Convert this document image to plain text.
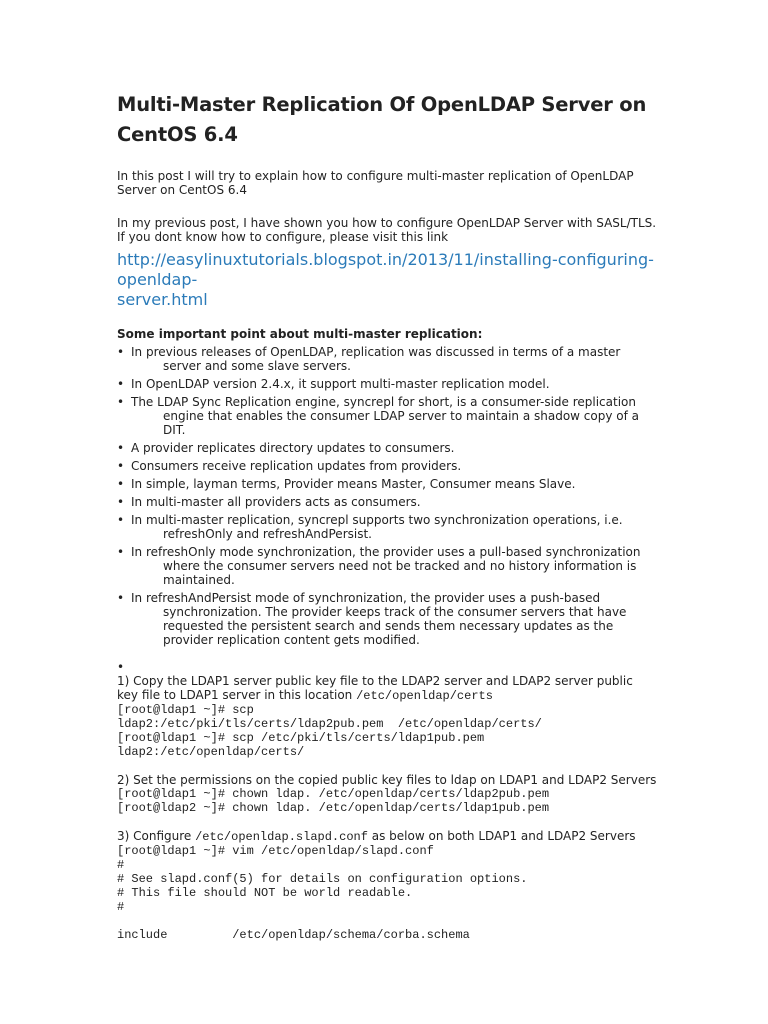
Multi-Master Replication Of OpenLDAP Server on CentOS 6.4

In this post I will try to explain how to configure multi-master replication of OpenLDAP Server on CentOS 6.4

In my previous post, I have shown you how to configure OpenLDAP Server with SASL/TLS. If you dont know how to configure, please visit this link

http://easylinuxtutorials.blogspot.in/2013/11/installing-configuring-openldap-
server.html

Some important point about multi-master replication:

• In previous releases of OpenLDAP, replication was discussed in terms of a master server and some slave servers.
• In OpenLDAP version 2.4.x, it support multi-master replication model.
• The LDAP Sync Replication engine, syncrepl for short, is a consumer-side replication engine that enables the consumer LDAP server to maintain a shadow copy of a DIT.
• A provider replicates directory updates to consumers.
• Consumers receive replication updates from providers.
• In simple, layman terms, Provider means Master, Consumer means Slave.
• In multi-master all providers acts as consumers.
• In multi-master replication, syncrepl supports two synchronization operations, i.e. refreshOnly and refreshAndPersist.
• In refreshOnly mode synchronization, the provider uses a pull-based synchronization where the consumer servers need not be tracked and no history information is maintained.
• In refreshAndPersist mode of synchronization, the provider uses a push-based synchronization. The provider keeps track of the consumer servers that have requested the persistent search and sends them necessary updates as the provider replication content gets modified.
•

1) Copy the LDAP1 server public key file to the LDAP2 server and LDAP2 server public key file to LDAP1 server in this location /etc/openldap/certs

[root@ldap1 ~]# scp
ldap2:/etc/pki/tls/certs/ldap2pub.pem  /etc/openldap/certs/
[root@ldap1 ~]# scp /etc/pki/tls/certs/ldap1pub.pem
ldap2:/etc/openldap/certs/

2) Set the permissions on the copied public key files to ldap on LDAP1 and LDAP2 Servers

[root@ldap1 ~]# chown ldap. /etc/openldap/certs/ldap2pub.pem
[root@ldap2 ~]# chown ldap. /etc/openldap/certs/ldap1pub.pem

3) Configure /etc/openldap.slapd.conf as below on both LDAP1 and LDAP2 Servers

[root@ldap1 ~]# vim /etc/openldap/slapd.conf
#
# See slapd.conf(5) for details on configuration options.
# This file should NOT be world readable.
#

include         /etc/openldap/schema/corba.schema
